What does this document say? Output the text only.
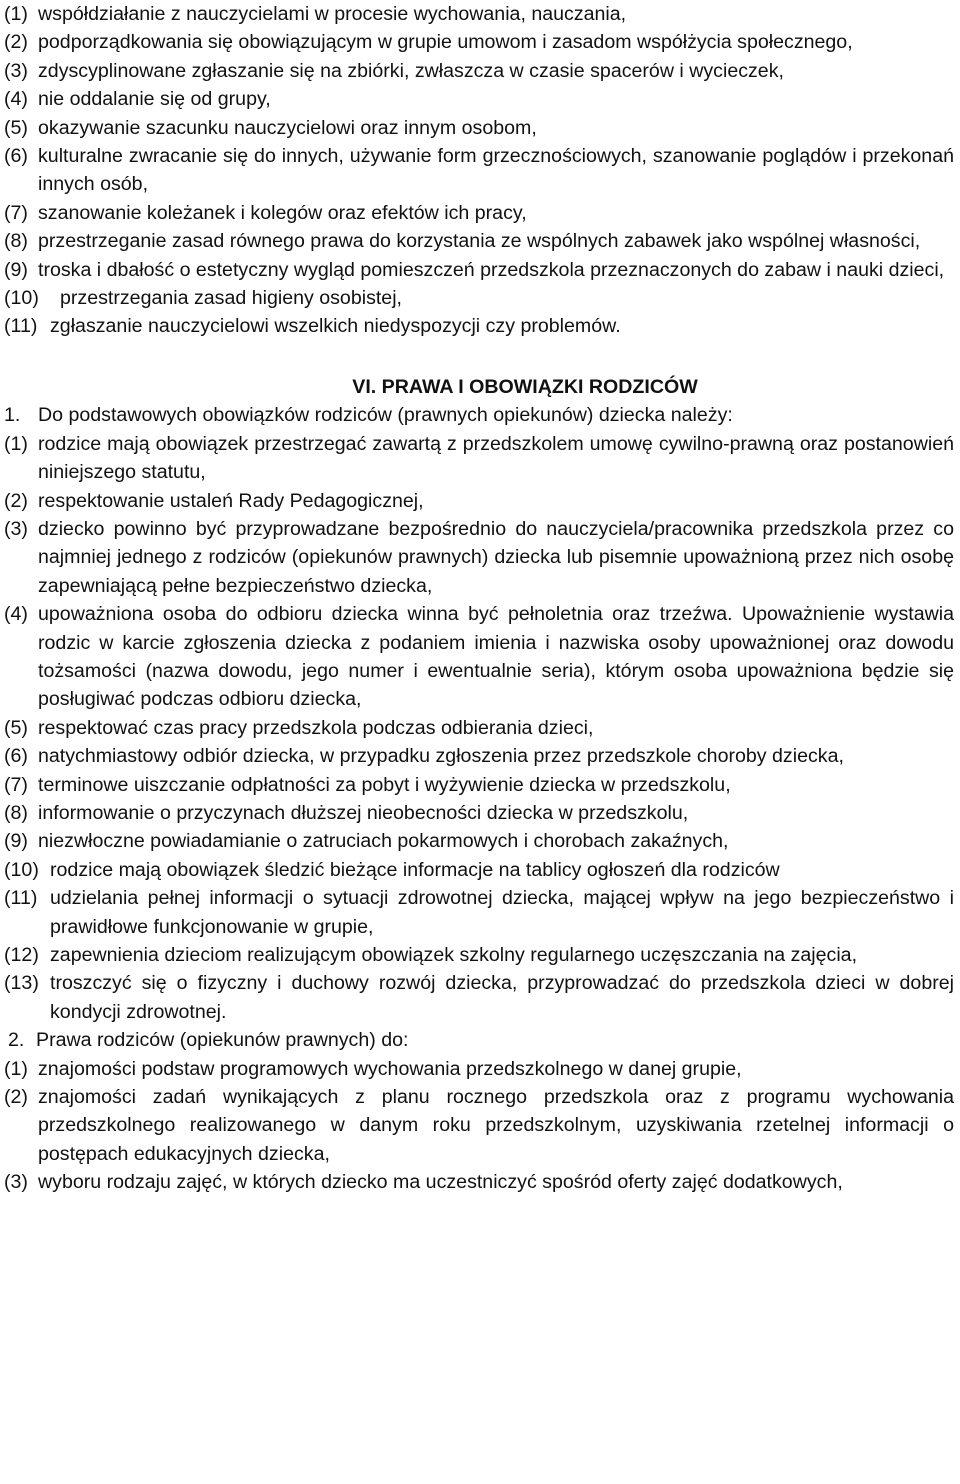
(1) współdziałanie z nauczycielami w procesie wychowania, nauczania,
(2) podporządkowania się obowiązującym w grupie umowom i zasadom współżycia społecznego,
(3) zdyscyplinowane zgłaszanie się na zbiórki, zwłaszcza w czasie spacerów i wycieczek,
(4) nie oddalanie się od grupy,
(5) okazywanie szacunku nauczycielowi oraz innym osobom,
(6) kulturalne zwracanie się do innych, używanie form grzecznościowych, szanowanie poglądów i przekonań innych osób,
(7) szanowanie koleżanek i kolegów oraz efektów ich pracy,
(8) przestrzeganie zasad równego prawa do korzystania ze wspólnych zabawek jako wspólnej własności,
(9) troska i dbałość o estetyczny wygląd pomieszczeń przedszkola przeznaczonych do zabaw i nauki dzieci,
(10)	przestrzegania zasad higieny osobistej,
(11) zgłaszanie nauczycielowi wszelkich niedyspozycji czy problemów.
VI. PRAWA I OBOWIĄZKI RODZICÓW
1. Do podstawowych obowiązków rodziców (prawnych opiekunów) dziecka należy:
(1) rodzice mają obowiązek przestrzegać zawartą z przedszkolem umowę cywilno-prawną oraz postanowień niniejszego statutu,
(2) respektowanie ustaleń Rady Pedagogicznej,
(3) dziecko powinno być przyprowadzane bezpośrednio do nauczyciela/pracownika przedszkola przez co najmniej jednego z rodziców (opiekunów prawnych) dziecka lub pisemnie upoważnioną przez nich osobę zapewniającą pełne bezpieczeństwo dziecka,
(4) upoważniona osoba do odbioru dziecka winna być pełnoletnia oraz trzeźwa. Upoważnienie wystawia rodzic w karcie zgłoszenia dziecka z podaniem imienia i nazwiska osoby upoważnionej oraz dowodu tożsamości (nazwa dowodu, jego numer i ewentualnie seria), którym osoba upoważniona będzie się posługiwać podczas odbioru dziecka,
(5) respektować czas pracy przedszkola podczas odbierania dzieci,
(6) natychmiastowy odbiór dziecka, w przypadku zgłoszenia przez przedszkole choroby dziecka,
(7) terminowe uiszczanie odpłatności za pobyt i wyżywienie dziecka w przedszkolu,
(8) informowanie o przyczynach dłuższej nieobecności dziecka w przedszkolu,
(9) niezwłoczne powiadamianie o zatruciach pokarmowych i chorobach zakaźnych,
(10) rodzice mają obowiązek śledzić bieżące informacje na tablicy ogłoszeń dla rodziców
(11) udzielania pełnej informacji o sytuacji zdrowotnej dziecka, mającej wpływ na jego bezpieczeństwo i prawidłowe funkcjonowanie w grupie,
(12) zapewnienia dzieciom realizującym obowiązek szkolny regularnego uczęszczania na zajęcia,
(13) troszczyć się o fizyczny i duchowy rozwój dziecka, przyprowadzać do przedszkola dzieci w dobrej kondycji zdrowotnej.
2. Prawa rodziców (opiekunów prawnych) do:
(1) znajomości podstaw programowych wychowania przedszkolnego w danej grupie,
(2) znajomości zadań wynikających z planu rocznego przedszkola oraz z programu wychowania przedszkolnego realizowanego w danym roku przedszkolnym, uzyskiwania rzetelnej informacji o postępach edukacyjnych dziecka,
(3) wyboru rodzaju zajęć, w których dziecko ma uczestniczyć spośród oferty zajęć dodatkowych,
